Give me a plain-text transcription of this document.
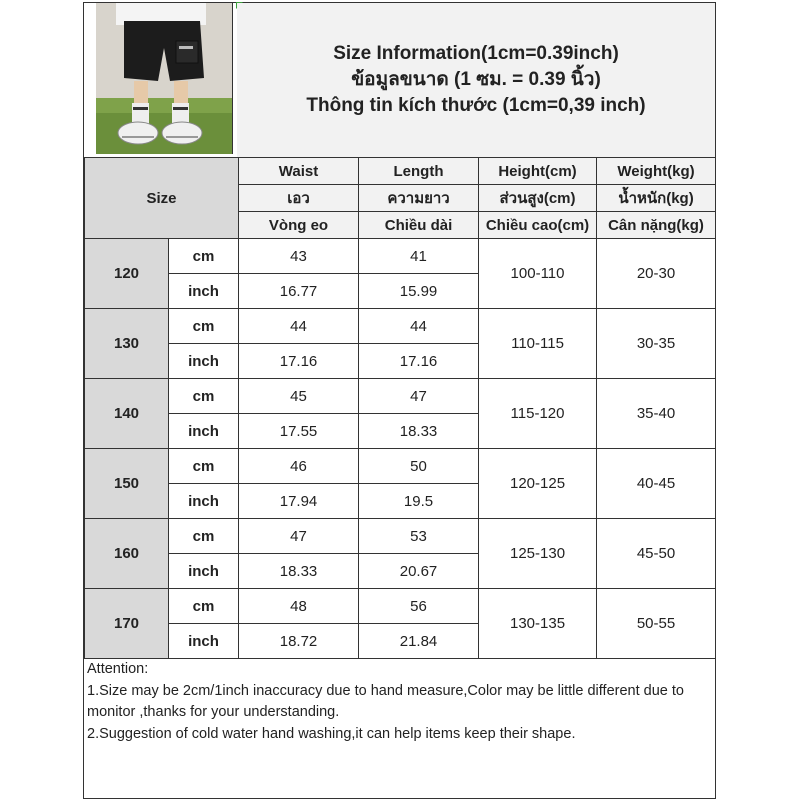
Size Information(1cm=0.39inch)
ข้อมูลขนาด (1 ซม. = 0.39 นิ้ว)
Thông tin kích thước (1cm=0,39 inch)
Size		Waist	Length	Height(cm)	Weight(kg)
		เอว	ความยาว	ส่วนสูง(cm)	น้ำหนัก(kg)
		Vòng eo	Chiều dài	Chiều cao(cm)	Cân nặng(kg)
120	cm	43	41	100-110	20-30
	inch	16.77	15.99		
130	cm	44	44	110-115	30-35
	inch	17.16	17.16		
140	cm	45	47	115-120	35-40
	inch	17.55	18.33		
150	cm	46	50	120-125	40-45
	inch	17.94	19.5		
160	cm	47	53	125-130	45-50
	inch	18.33	20.67		
170	cm	48	56	130-135	50-55
	inch	18.72	21.84		
Attention:
1.Size may be 2cm/1inch inaccuracy due to hand measure,Color may be little different due to monitor ,thanks for your understanding.
2.Suggestion of cold water hand washing,it can help items keep their shape.
